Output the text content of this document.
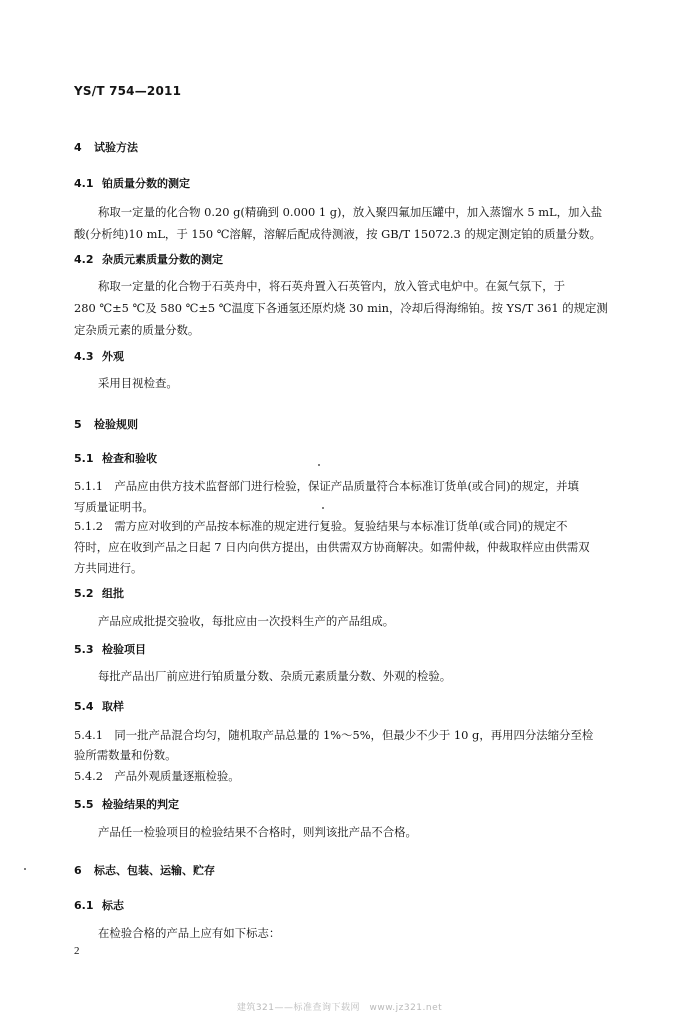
YS/T 754—2011
4 试验方法
4.1 铂质量分数的测定
称取一定量的化合物 0.20 g(精确到 0.000 1 g)，放入聚四氟加压罐中，加入蒸馏水 5 mL，加入盐
酸(分析纯)10 mL，于 150 ℃溶解，溶解后配成待测液，按 GB/T 15072.3 的规定测定铂的质量分数。
4.2 杂质元素质量分数的测定
称取一定量的化合物于石英舟中，将石英舟置入石英管内，放入管式电炉中。在氮气氛下，于
280 ℃±5 ℃及 580 ℃±5 ℃温度下各通氢还原灼烧 30 min，冷却后得海绵铂。按 YS/T 361 的规定测
定杂质元素的质量分数。
4.3 外观
采用目视检查。
5 检验规则
5.1 检查和验收
5.1.1　产品应由供方技术监督部门进行检验，保证产品质量符合本标准订货单(或合同)的规定，并填
写质量证明书。
5.1.2　需方应对收到的产品按本标准的规定进行复验。复验结果与本标准订货单(或合同)的规定不
符时，应在收到产品之日起 7 日内向供方提出，由供需双方协商解决。如需仲裁，仲裁取样应由供需双
方共同进行。
5.2 组批
产品应成批提交验收，每批应由一次投料生产的产品组成。
5.3 检验项目
每批产品出厂前应进行铂质量分数、杂质元素质量分数、外观的检验。
5.4 取样
5.4.1　同一批产品混合均匀，随机取产品总量的 1%～5%，但最少不少于 10 g，再用四分法缩分至检
验所需数量和份数。
5.4.2　产品外观质量逐瓶检验。
5.5 检验结果的判定
产品任一检验项目的检验结果不合格时，则判该批产品不合格。
6 标志、包装、运输、贮存
6.1 标志
在检验合格的产品上应有如下标志：
2
建筑321——标准查询下载网　www.jz321.net
